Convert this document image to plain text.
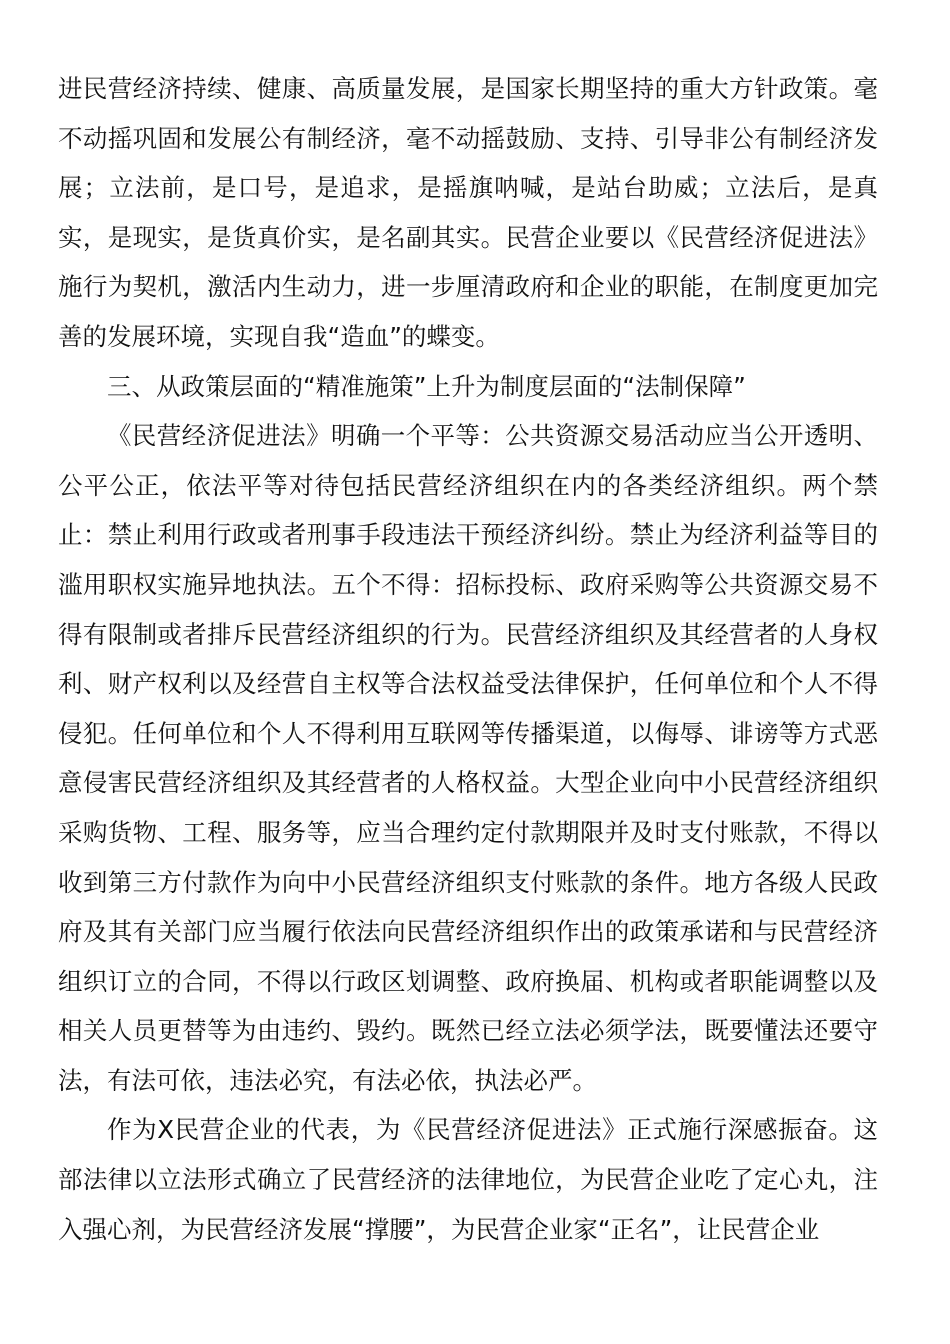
进民营经济持续、健康、高质量发展，是国家长期坚持的重大方针政策。毫不动摇巩固和发展公有制经济，毫不动摇鼓励、支持、引导非公有制经济发展；立法前，是口号，是追求，是摇旗呐喊，是站台助威；立法后，是真实，是现实，是货真价实，是名副其实。民营企业要以《民营经济促进法》施行为契机，激活内生动力，进一步厘清政府和企业的职能，在制度更加完善的发展环境，实现自我“造血”的蝶变。

三、从政策层面的“精准施策”上升为制度层面的“法制保障”

《民营经济促进法》明确一个平等：公共资源交易活动应当公开透明、公平公正，依法平等对待包括民营经济组织在内的各类经济组织。两个禁止：禁止利用行政或者刑事手段违法干预经济纠纷。禁止为经济利益等目的滥用职权实施异地执法。五个不得：招标投标、政府采购等公共资源交易不得有限制或者排斥民营经济组织的行为。民营经济组织及其经营者的人身权利、财产权利以及经营自主权等合法权益受法律保护，任何单位和个人不得侵犯。任何单位和个人不得利用互联网等传播渠道，以侮辱、诽谤等方式恶意侵害民营经济组织及其经营者的人格权益。大型企业向中小民营经济组织采购货物、工程、服务等，应当合理约定付款期限并及时支付账款，不得以收到第三方付款作为向中小民营经济组织支付账款的条件。地方各级人民政府及其有关部门应当履行依法向民营经济组织作出的政策承诺和与民营经济组织订立的合同，不得以行政区划调整、政府换届、机构或者职能调整以及相关人员更替等为由违约、毁约。既然已经立法必须学法，既要懂法还要守法，有法可依，违法必究，有法必依，执法必严。

作为X民营企业的代表，为《民营经济促进法》正式施行深感振奋。这部法律以立法形式确立了民营经济的法律地位，为民营企业吃了定心丸，注入强心剂，为民营经济发展“撑腰”，为民营企业家“正名”，让民营企业
